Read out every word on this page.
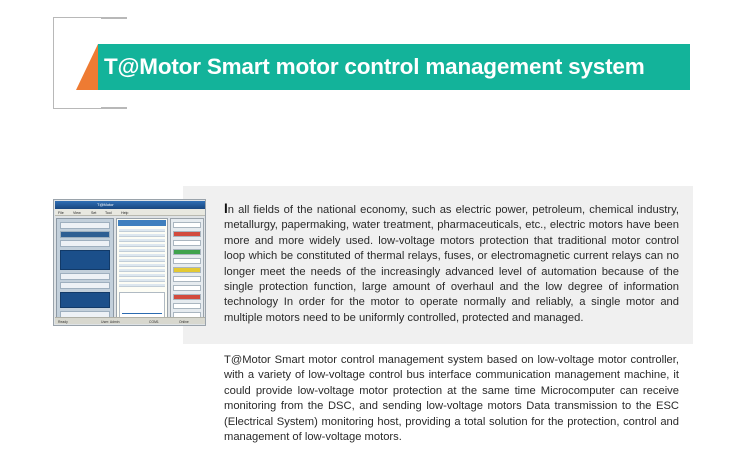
T@Motor Smart motor control management system
T@Motor
File	View	Set Tool	Help
Ready	User: Admin	COM1	Online
In all fields of the national economy, such as electric power, petroleum, chemical industry, metallurgy, papermaking, water treatment, pharmaceuticals, etc., electric motors have been more and more widely used. low-voltage motors protection that traditional motor control loop which be constituted of thermal relays, fuses, or electromagnetic current relays can no longer meet the needs of the increasingly advanced level of automation because of the single protection function, large amount of overhaul and the low degree of information technology In order for the motor to operate normally and reliably, a single motor and multiple motors need to be uniformly controlled, protected and managed.
T@Motor Smart motor control management system based on low-voltage motor controller, with a variety of low-voltage control bus interface communication management machine, it could provide low-voltage motor protection at the same time Microcomputer can receive monitoring from the DSC, and sending low-voltage motors Data transmission to the ESC (Electrical System) monitoring host, providing a total solution for the protection, control and management of low-voltage motors.
